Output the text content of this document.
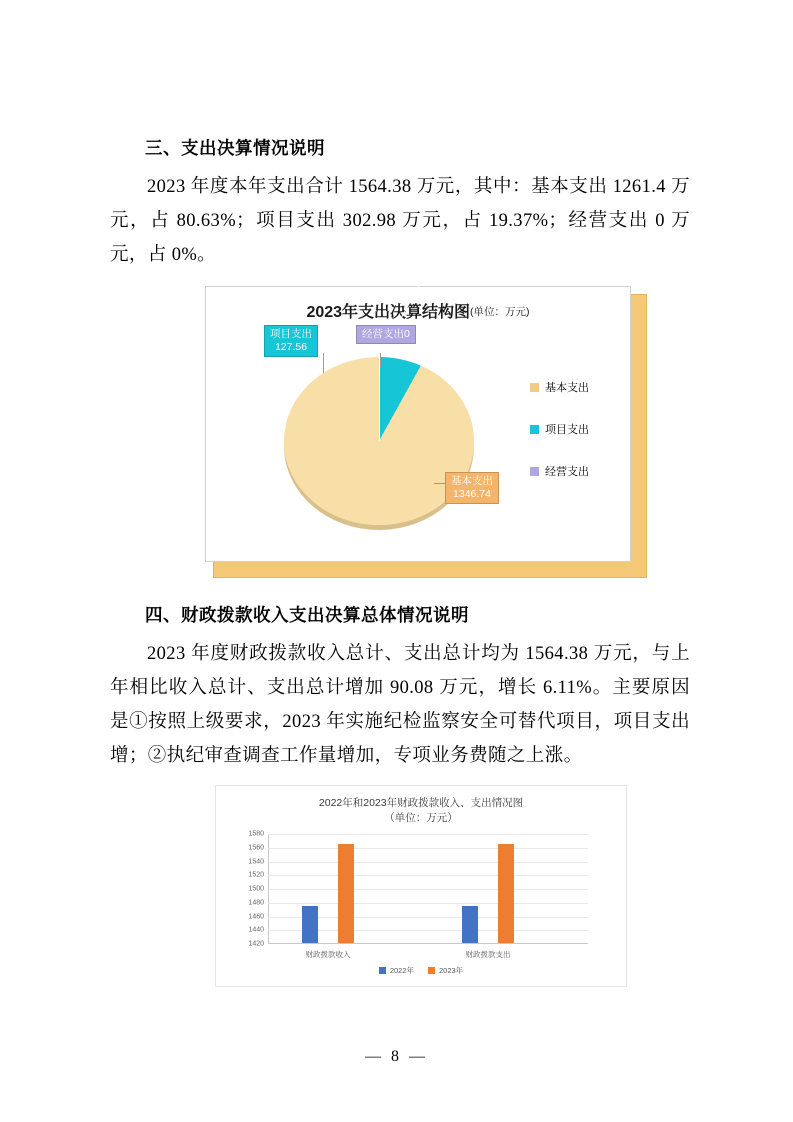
三、支出决算情况说明

2023 年度本年支出合计 1564.38 万元，其中：基本支出 1261.4 万元，占 80.63%；项目支出 302.98 万元，占 19.37%；经营支出 0 万元，占 0%。

2023年支出决算结构图(单位：万元)
项目支出
127.56
经营支出0
基本支出
1346.74
基本支出
项目支出
经营支出
四、财政拨款收入支出决算总体情况说明

2023 年度财政拨款收入总计、支出总计均为 1564.38 万元，与上年相比收入总计、支出总计增加 90.08 万元，增长 6.11%。主要原因是①按照上级要求，2023 年实施纪检监察安全可替代项目，项目支出增；②执纪审查调查工作量增加，专项业务费随之上涨。

2022年和2023年财政拨款收入、支出情况图
（单位：万元）
1580
1560
1540
1520
1500
1480
1460
1440
1420
财政拨款收入	财政拨款支出
2022年	2023年
— 8 —
